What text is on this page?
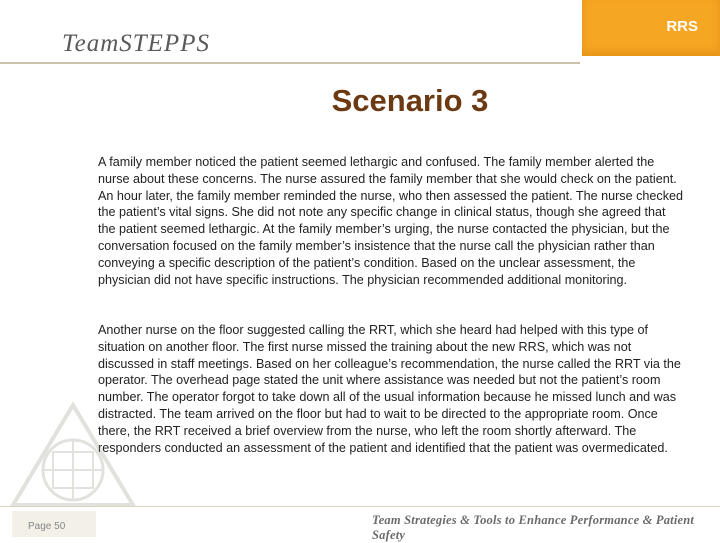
TeamSTEPPS
RRS
Scenario 3

A family member noticed the patient seemed lethargic and confused. The family member alerted the nurse about these concerns. The nurse assured the family member that she would check on the patient. An hour later, the family member reminded the nurse, who then assessed the patient. The nurse checked the patient’s vital signs. She did not note any specific change in clinical status, though she agreed that the patient seemed lethargic. At the family member’s urging, the nurse contacted the physician, but the conversation focused on the family member’s insistence that the nurse call the physician rather than conveying a specific description of the patient’s condition. Based on the unclear assessment, the physician did not have specific instructions. The physician recommended additional monitoring.

Another nurse on the floor suggested calling the RRT, which she heard had helped with this type of situation on another floor. The first nurse missed the training about the new RRS, which was not discussed in staff meetings. Based on her colleague’s recommendation, the nurse called the RRT via the operator. The overhead page stated the unit where assistance was needed but not the patient’s room number. The operator forgot to take down all of the usual information because he missed lunch and was distracted. The team arrived on the floor but had to wait to be directed to the appropriate room. Once there, the RRT received a brief overview from the nurse, who left the room shortly afterward. The responders conducted an assessment of the patient and identified that the patient was overmedicated.

Page 50	Team Strategies & Tools to Enhance Performance & Patient Safety
